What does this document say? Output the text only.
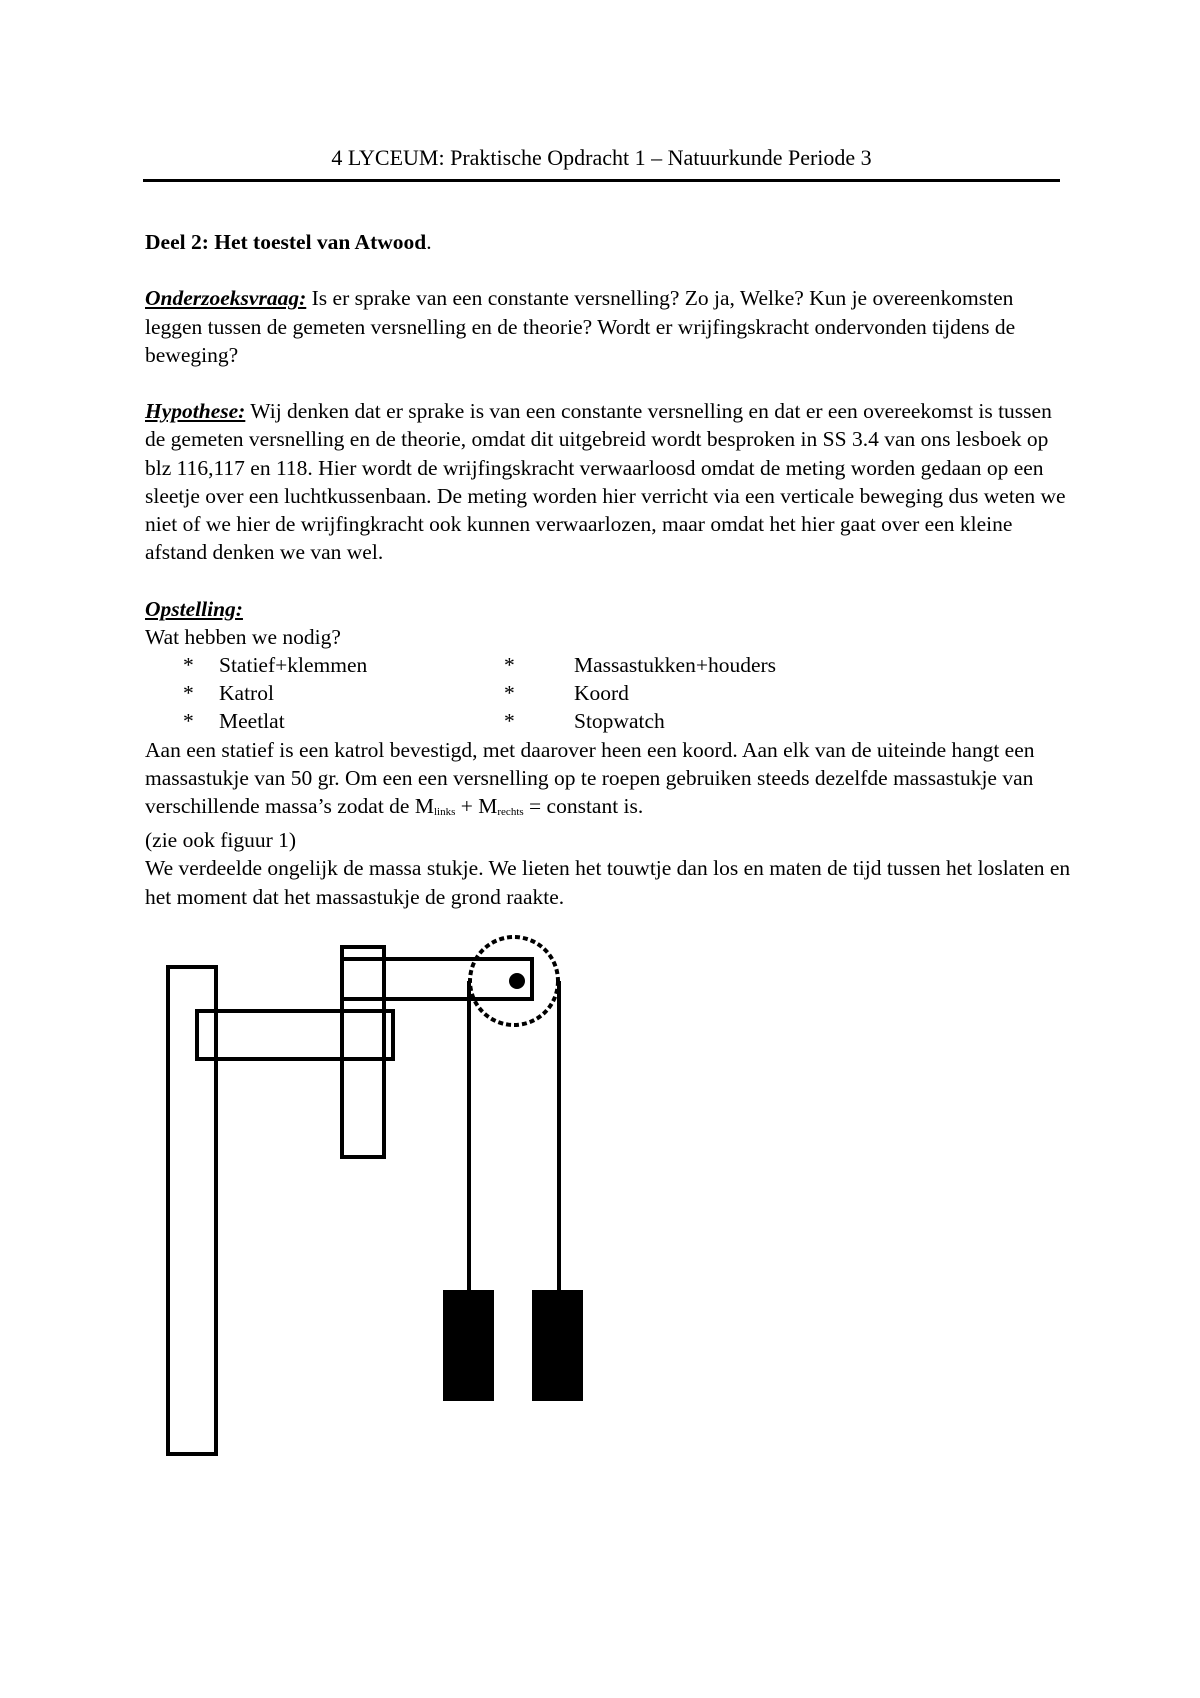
4 LYCEUM: Praktische Opdracht 1 – Natuurkunde Periode 3

Deel 2: Het toestel van Atwood.

Onderzoeksvraag: Is er sprake van een constante versnelling? Zo ja, Welke? Kun je overeenkomsten leggen tussen de gemeten versnelling en de theorie? Wordt er wrijfingskracht ondervonden tijdens de beweging?

Hypothese: Wij denken dat er sprake is van een constante versnelling en dat er een overeekomst is tussen de gemeten versnelling en de theorie, omdat dit uitgebreid wordt besproken in SS 3.4 van ons lesboek op blz 116,117 en 118. Hier wordt de wrijfingskracht verwaarloosd omdat de meting worden gedaan op een sleetje over een luchtkussenbaan. De meting worden hier verricht via een verticale beweging dus weten we niet of we hier de wrijfingkracht ook kunnen verwaarlozen, maar omdat het hier gaat over een kleine afstand denken we van wel.

Opstelling:

Wat hebben we nodig?

*	Statief+klemmen	*	Massastukken+houders
*	Katrol	*	Koord
*	Meetlat	*	Stopwatch

Aan een statief is een katrol bevestigd, met daarover heen een koord. Aan elk van de uiteinde hangt een massastukje van 50 gr. Om een een versnelling op te roepen gebruiken steeds dezelfde massastukje van verschillende massa’s zodat de Mlinks + Mrechts = constant is.

(zie ook figuur 1)

We verdeelde ongelijk de massa stukje. We lieten het touwtje dan los en maten de tijd tussen het loslaten en het moment dat het massastukje de grond raakte.
